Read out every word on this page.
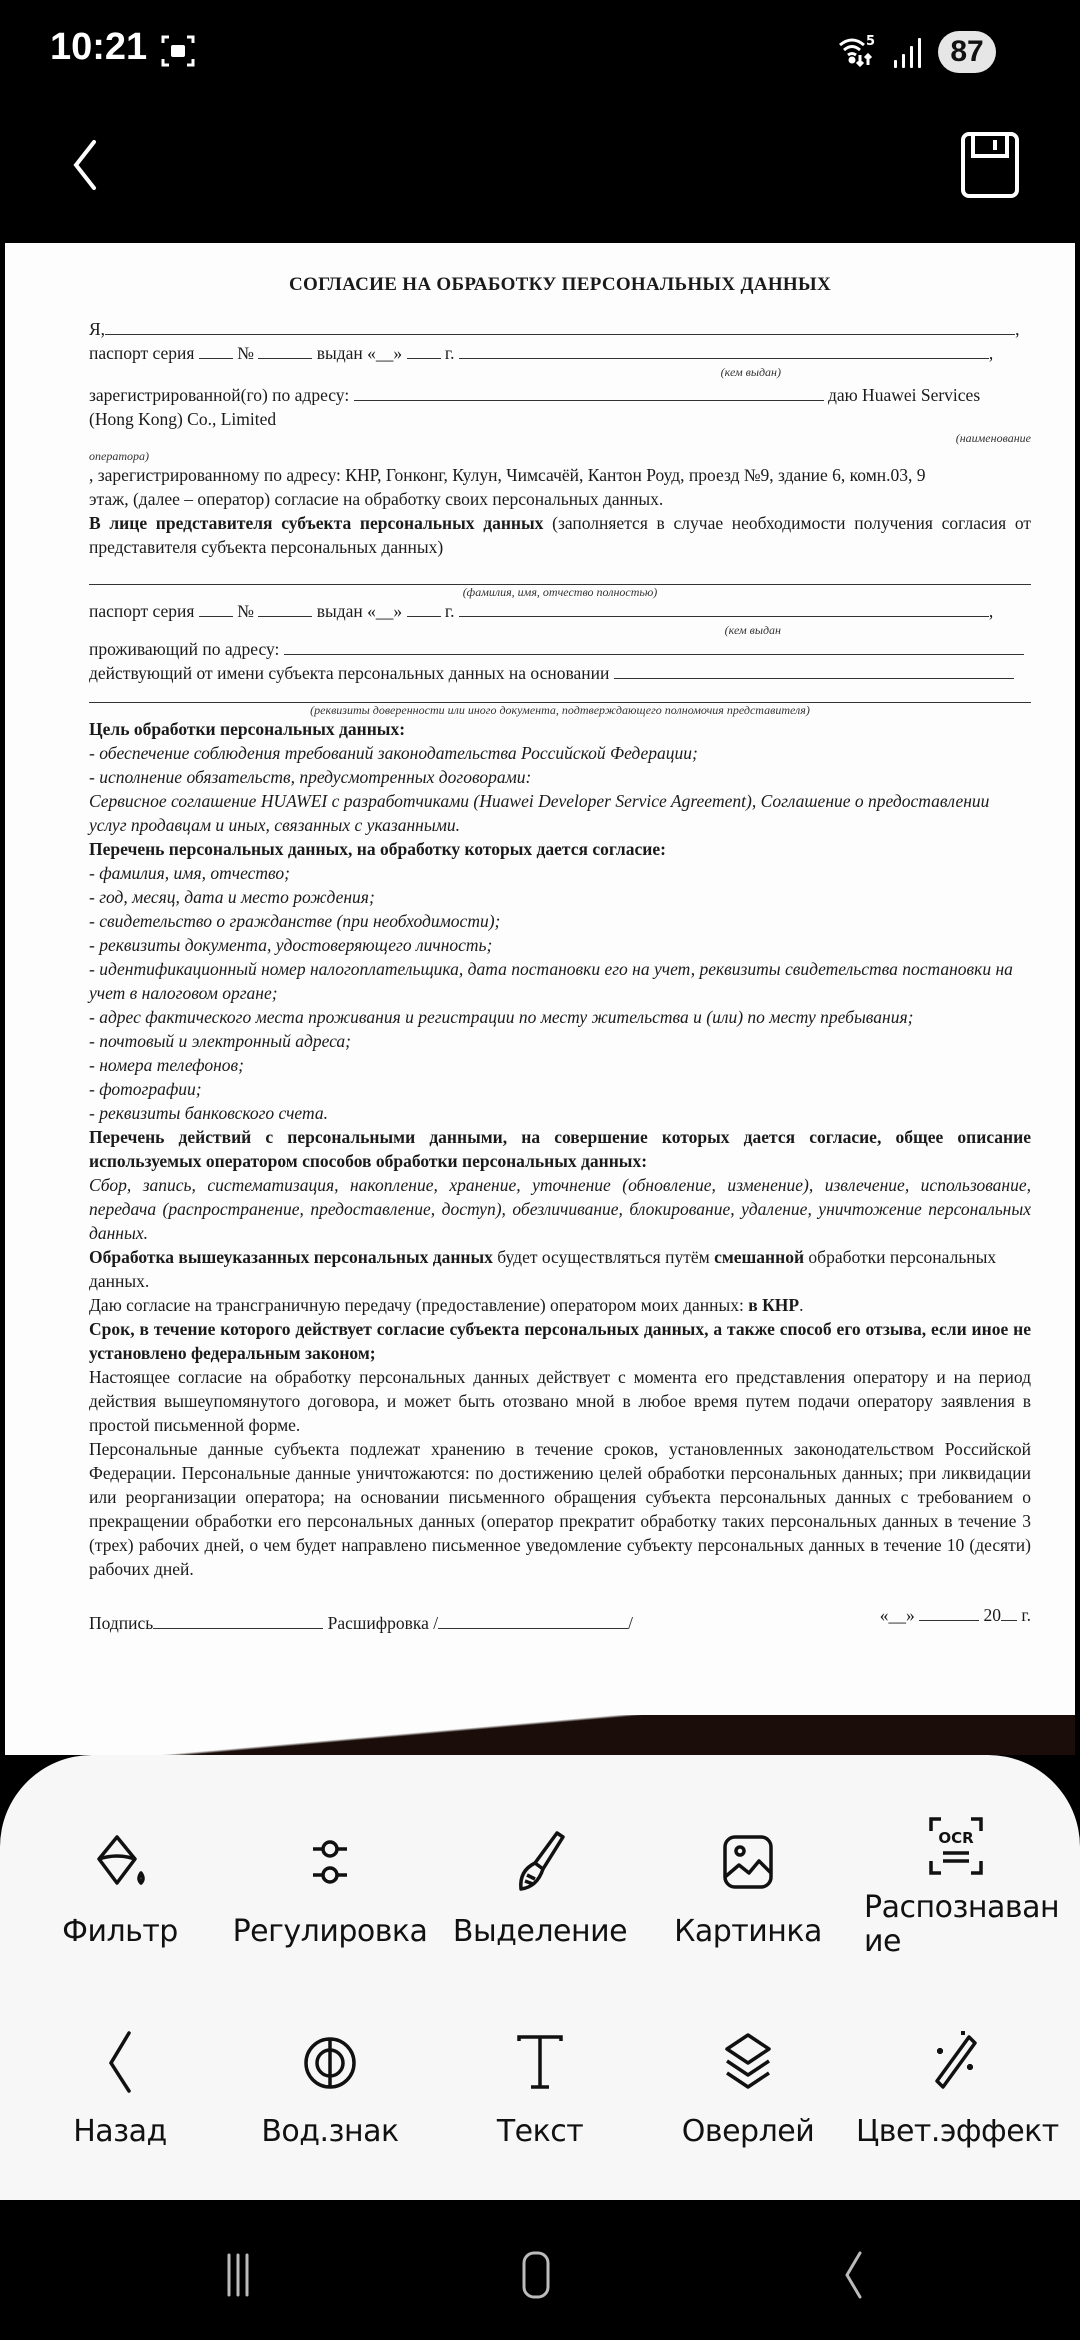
10:21	5	87
СОГЛАСИЕ НА ОБРАБОТКУ ПЕРСОНАЛЬНЫХ ДАННЫХ
Я,	,
паспорт серия №	выдан «__» г.	,
(кем выдан)
зарегистрированной(го) по адресу:	даю Huawei Services
(Hong Kong) Co., Limited
(наименование
оператора)
, зарегистрированному по адресу: КНР, Гонконг, Кулун, Чимсачёй, Кантон Роуд, проезд №9, здание 6, комн.03, 9
этаж, (далее – оператор) согласие на обработку своих персональных данных.

В лице представителя субъекта персональных данных (заполняется в случае необходимости получения согласия от представителя субъекта персональных данных)

(фамилия, имя, отчество полностью)
паспорт серия №	выдан «__» г.	,
(кем выдан
проживающий по адресу:
действующий от имени субъекта персональных данных на основании
(реквизиты доверенности или иного документа, подтверждающего полномочия представителя)

Цель обработки персональных данных:

- обеспечение соблюдения требований законодательства Российской Федерации;

- исполнение обязательств, предусмотренных договорами:

Сервисное соглашение HUAWEI с разработчиками (Huawei Developer Service Agreement), Соглашение о предоставлении услуг продавцам и иных, связанных с указанными.

Перечень персональных данных, на обработку которых дается согласие:

- фамилия, имя, отчество;

- год, месяц, дата и место рождения;

- свидетельство о гражданстве (при необходимости);

- реквизиты документа, удостоверяющего личность;

- идентификационный номер налогоплательщика, дата постановки его на учет, реквизиты свидетельства постановки на учет в налоговом органе;

- адрес фактического места проживания и регистрации по месту жительства и (или) по месту пребывания;

- почтовый и электронный адреса;

- номера телефонов;

- фотографии;

- реквизиты банковского счета.

Перечень действий с персональными данными, на совершение которых дается согласие, общее описание используемых оператором способов обработки персональных данных:

Сбор, запись, систематизация, накопление, хранение, уточнение (обновление, изменение), извлечение, использование, передача (распространение, предоставление, доступ), обезличивание, блокирование, удаление, уничтожение персональных данных.

Обработка вышеуказанных персональных данных будет осуществляться путём смешанной обработки персональных данных.

Даю согласие на трансграничную передачу (предоставление) оператором моих данных: в КНР.

Срок, в течение которого действует согласие субъекта персональных данных, а также способ его отзыва, если иное не установлено федеральным законом;

Настоящее согласие на обработку персональных данных действует с момента его представления оператору и на период действия вышеупомянутого договора, и может быть отозвано мной в любое время путем подачи оператору заявления в простой письменной форме.

Персональные данные субъекта подлежат хранению в течение сроков, установленных законодательством Российской Федерации. Персональные данные уничтожаются: по достижению целей обработки персональных данных; при ликвидации или реорганизации оператора; на основании письменного обращения субъекта персональных данных с требованием о прекращении обработки его персональных данных (оператор прекратит обработку таких персональных данных в течение 3 (трех) рабочих дней, о чем будет направлено письменное уведомление субъекту персональных данных в течение 10 (десяти) рабочих дней.

Подпись	Расшифровка /	/	«__»	20 г.
Фильтр	Регулировка Выделение	Картинка
OCR
Распознаван ие
Назад	Вод.знак	Текст	Оверлей	Цвет.эффект
